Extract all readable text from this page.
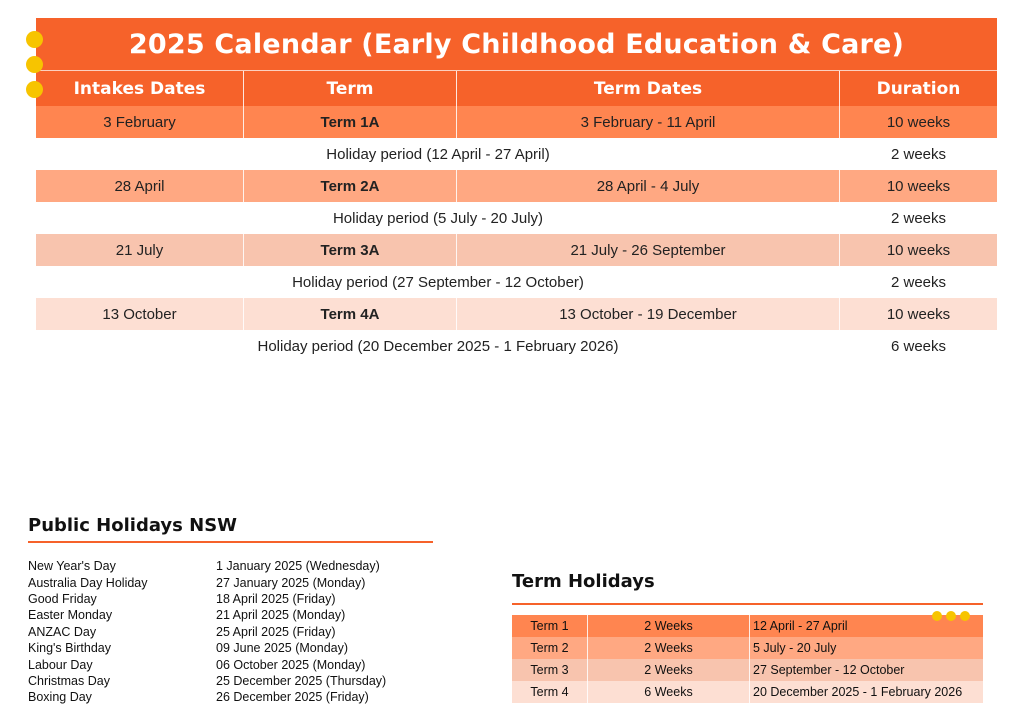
2025 Calendar (Early Childhood Education & Care)
Intakes Dates	Term	Term Dates	Duration
3 February	Term 1A	3 February - 11 April	10 weeks
Holiday period (12 April - 27 April)	2 weeks
28 April	Term 2A	28 April - 4 July	10 weeks
Holiday period (5 July - 20 July)	2 weeks
21 July	Term 3A	21 July - 26 September	10 weeks
Holiday period (27 September - 12 October)	2 weeks
13 October	Term 4A	13 October - 19 December	10 weeks
Holiday period (20 December 2025 - 1 February 2026)	6 weeks
Public Holidays NSW
New Year's Day	1 January 2025 (Wednesday)
Australia Day Holiday	27 January 2025 (Monday)
Good Friday	18 April 2025 (Friday)
Easter Monday	21 April 2025 (Monday)
ANZAC Day	25 April 2025 (Friday)
King's Birthday	09 June 2025 (Monday)
Labour Day	06 October 2025 (Monday)
Christmas Day	25 December 2025 (Thursday)
Boxing Day	26 December 2025 (Friday)
Term Holidays
Term 1	2 Weeks	12 April - 27 April
Term 2	2 Weeks	5 July - 20 July
Term 3	2 Weeks	27 September - 12 October
Term 4	6 Weeks	20 December 2025 - 1 February 2026
